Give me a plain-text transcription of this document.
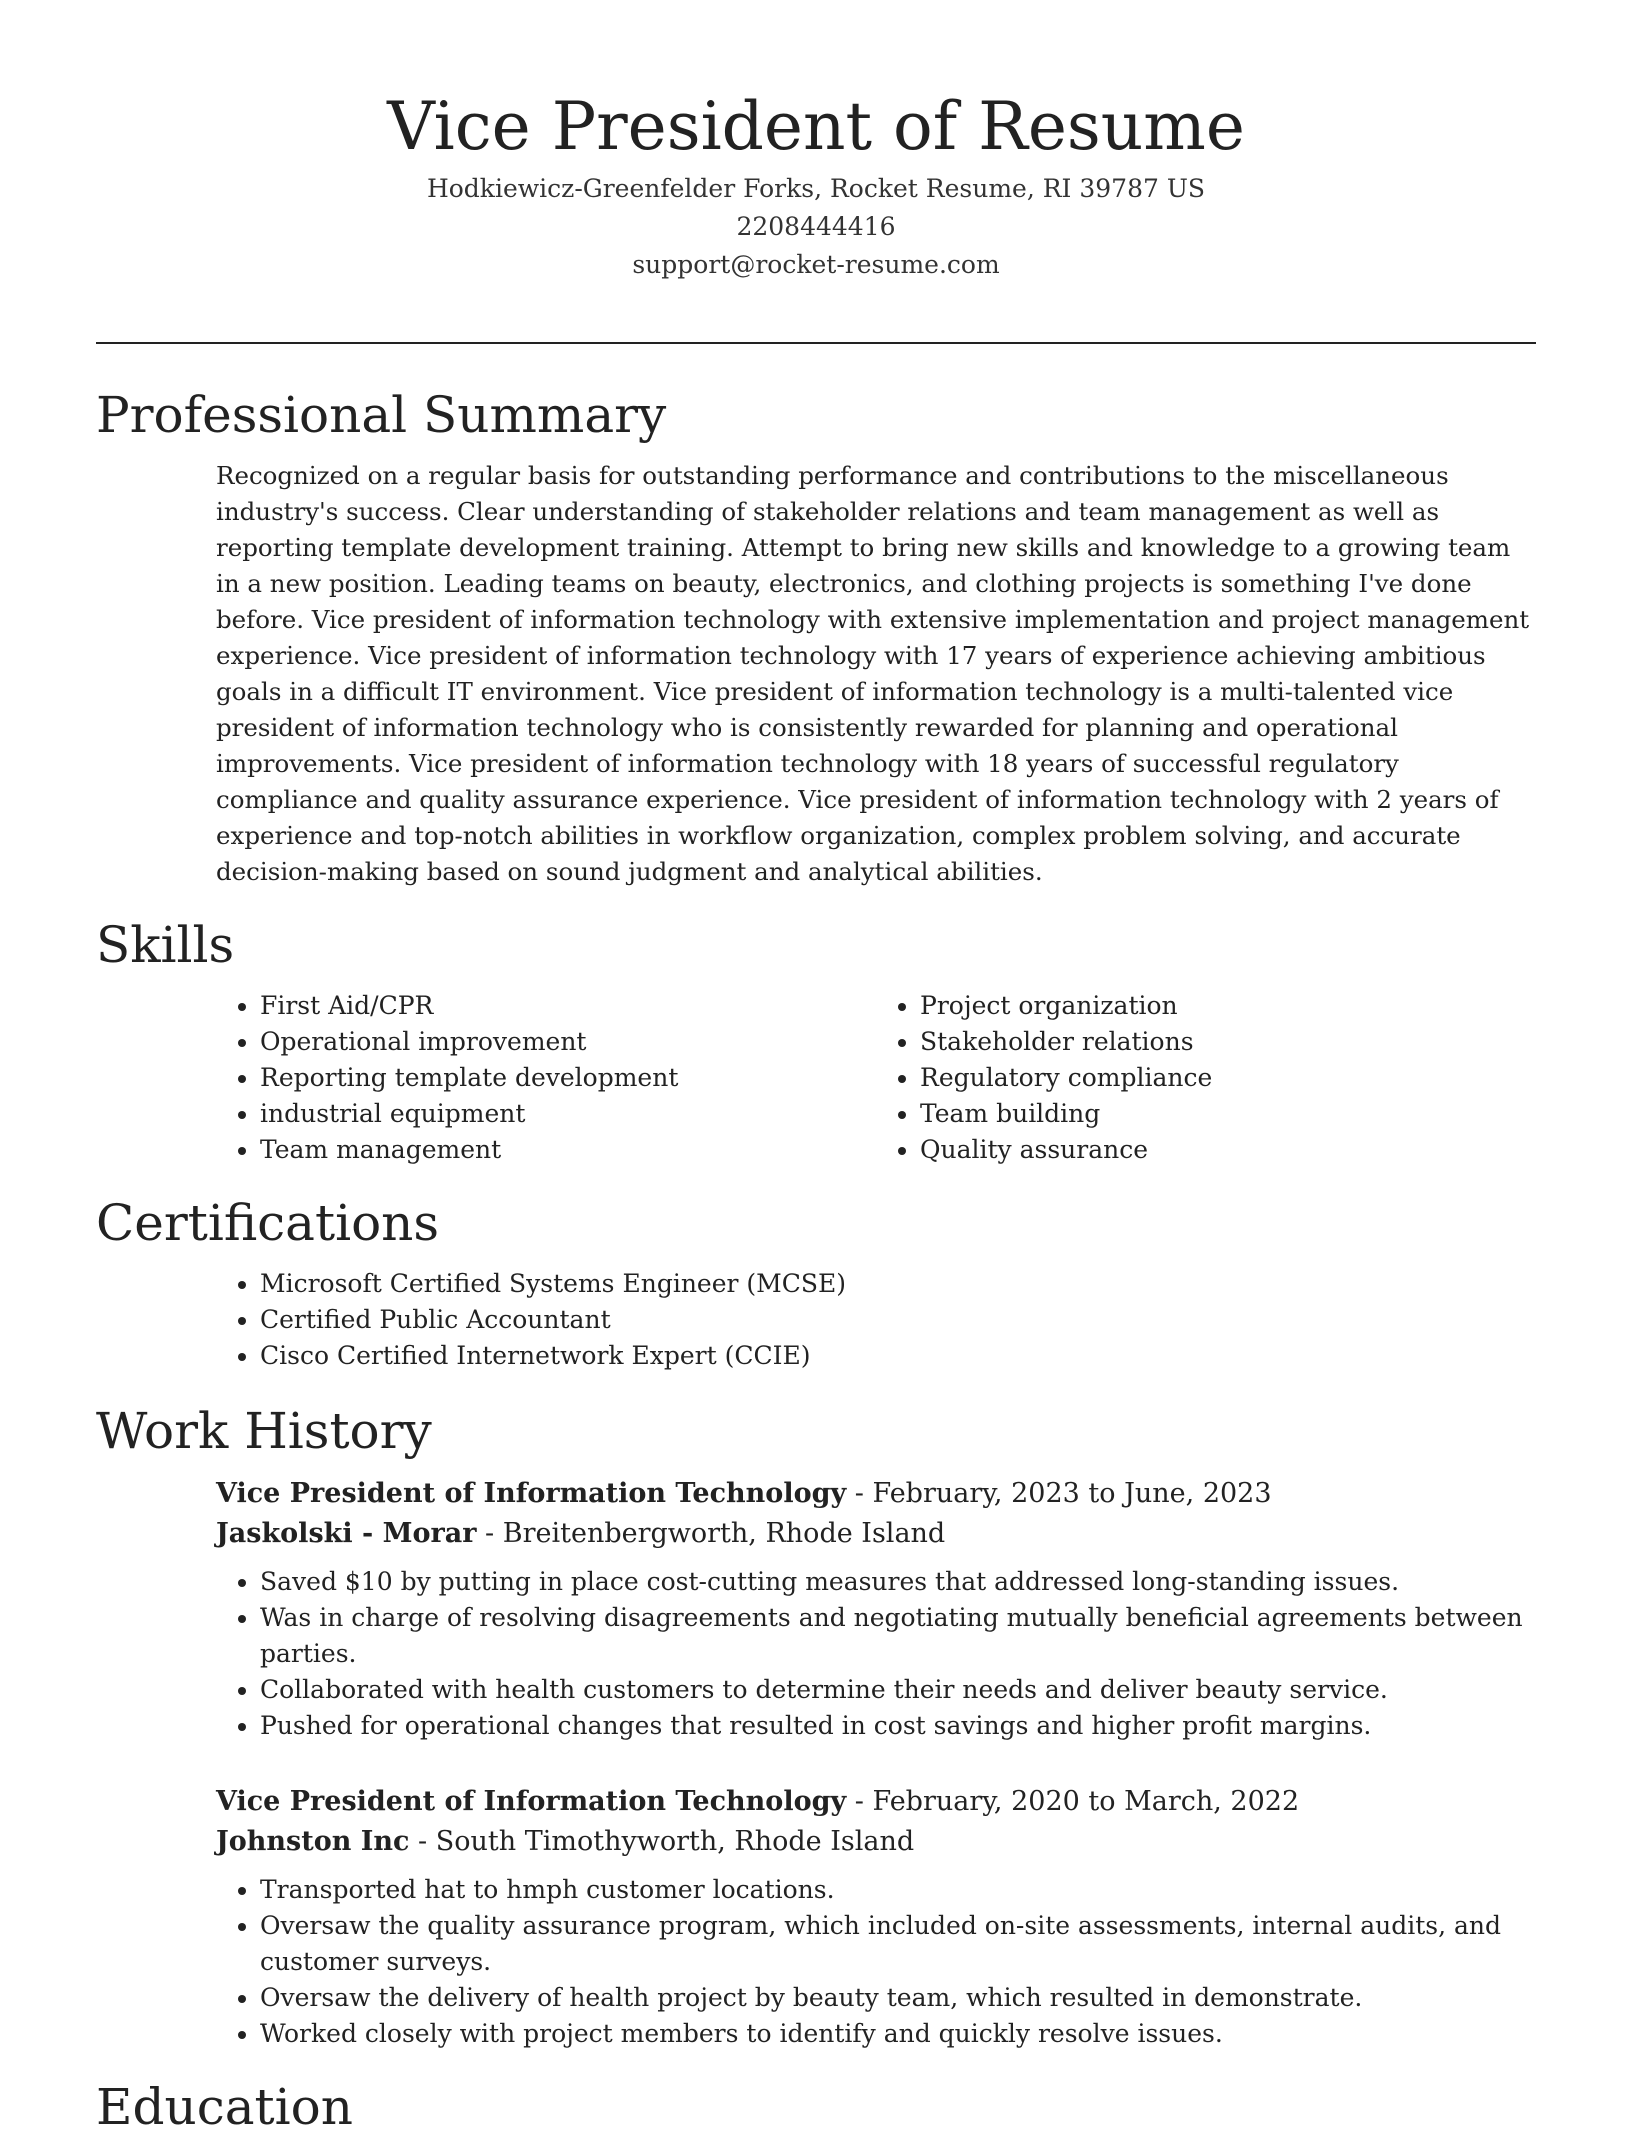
Vice President of Resume
Hodkiewicz-Greenfelder Forks, Rocket Resume, RI 39787 US
2208444416
support@rocket-resume.com
Professional Summary

Recognized on a regular basis for outstanding performance and contributions to the miscellaneous industry's success. Clear understanding of stakeholder relations and team management as well as reporting template development training. Attempt to bring new skills and knowledge to a growing team in a new position. Leading teams on beauty, electronics, and clothing projects is something I've done before. Vice president of information technology with extensive implementation and project management experience. Vice president of information technology with 17 years of experience achieving ambitious goals in a difficult IT environment. Vice president of information technology is a multi-talented vice president of information technology who is consistently rewarded for planning and operational improvements. Vice president of information technology with 18 years of successful regulatory compliance and quality assurance experience. Vice president of information technology with 2 years of experience and top-notch abilities in workflow organization, complex problem solving, and accurate decision-making based on sound judgment and analytical abilities.

Skills
• First Aid/CPR
• Operational improvement
• Reporting template development
• industrial equipment
• Team management
• Project organization
• Stakeholder relations
• Regulatory compliance
• Team building
• Quality assurance
Certifications
• Microsoft Certified Systems Engineer (MCSE)
• Certified Public Accountant
• Cisco Certified Internetwork Expert (CCIE)
Work History
Vice President of Information Technology - February, 2023 to June, 2023
Jaskolski - Morar - Breitenbergworth, Rhode Island
• Saved $10 by putting in place cost-cutting measures that addressed long-standing issues.
• Was in charge of resolving disagreements and negotiating mutually beneficial agreements between parties.
• Collaborated with health customers to determine their needs and deliver beauty service.
• Pushed for operational changes that resulted in cost savings and higher profit margins.
Vice President of Information Technology - February, 2020 to March, 2022
Johnston Inc - South Timothyworth, Rhode Island
• Transported hat to hmph customer locations.
• Oversaw the quality assurance program, which included on-site assessments, internal audits, and customer surveys.
• Oversaw the delivery of health project by beauty team, which resulted in demonstrate.
• Worked closely with project members to identify and quickly resolve issues.
Education
